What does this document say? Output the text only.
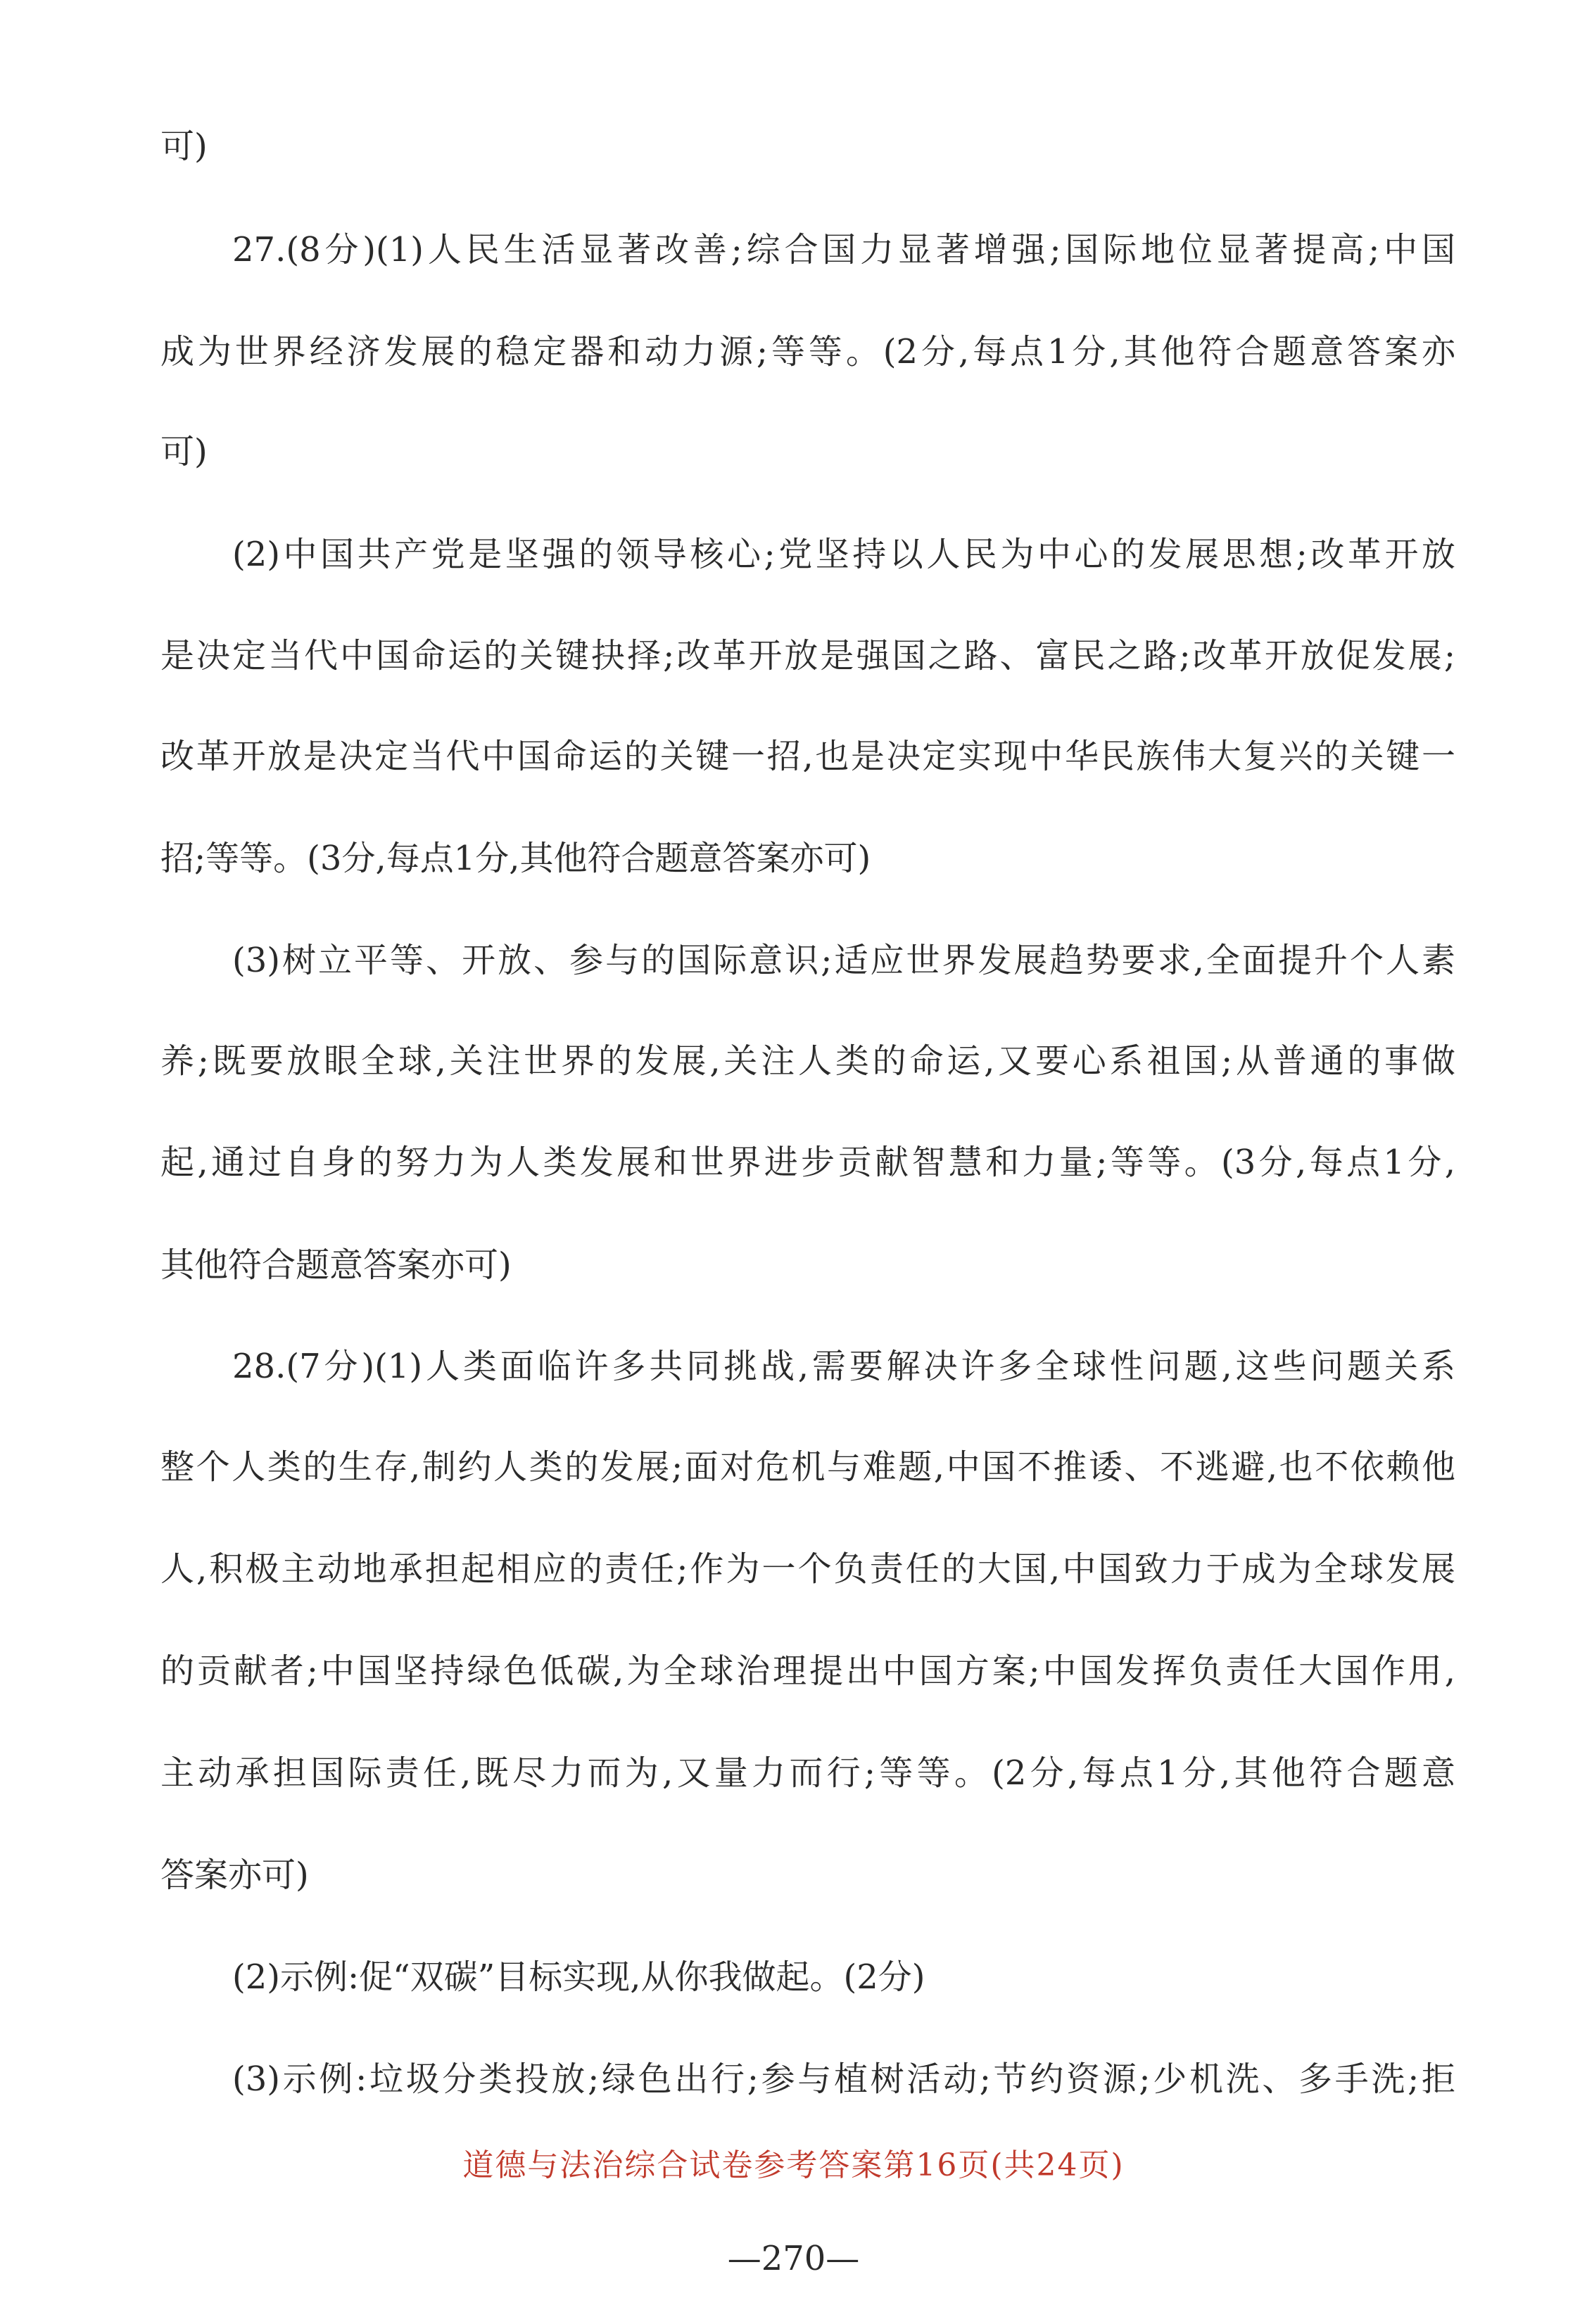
可)
27.(8分)(1)人民生活显著改善;综合国力显著增强;国际地位显著提高;中国
成为世界经济发展的稳定器和动力源;等等。(2分,每点1分,其他符合题意答案亦
可)
(2)中国共产党是坚强的领导核心;党坚持以人民为中心的发展思想;改革开放
是决定当代中国命运的关键抉择;改革开放是强国之路、富民之路;改革开放促发展;
改革开放是决定当代中国命运的关键一招,也是决定实现中华民族伟大复兴的关键一
招;等等。(3分,每点1分,其他符合题意答案亦可)
(3)树立平等、开放、参与的国际意识;适应世界发展趋势要求,全面提升个人素
养;既要放眼全球,关注世界的发展,关注人类的命运,又要心系祖国;从普通的事做
起,通过自身的努力为人类发展和世界进步贡献智慧和力量;等等。(3分,每点1分,
其他符合题意答案亦可)
28.(7分)(1)人类面临许多共同挑战,需要解决许多全球性问题,这些问题关系
整个人类的生存,制约人类的发展;面对危机与难题,中国不推诿、不逃避,也不依赖他
人,积极主动地承担起相应的责任;作为一个负责任的大国,中国致力于成为全球发展
的贡献者;中国坚持绿色低碳,为全球治理提出中国方案;中国发挥负责任大国作用,
主动承担国际责任,既尽力而为,又量力而行;等等。(2分,每点1分,其他符合题意
答案亦可)
(2)示例:促“双碳”目标实现,从你我做起。(2分)
(3)示例:垃圾分类投放;绿色出行;参与植树活动;节约资源;少机洗、多手洗;拒
道德与法治综合试卷参考答案第16页(共24页)
—270—
